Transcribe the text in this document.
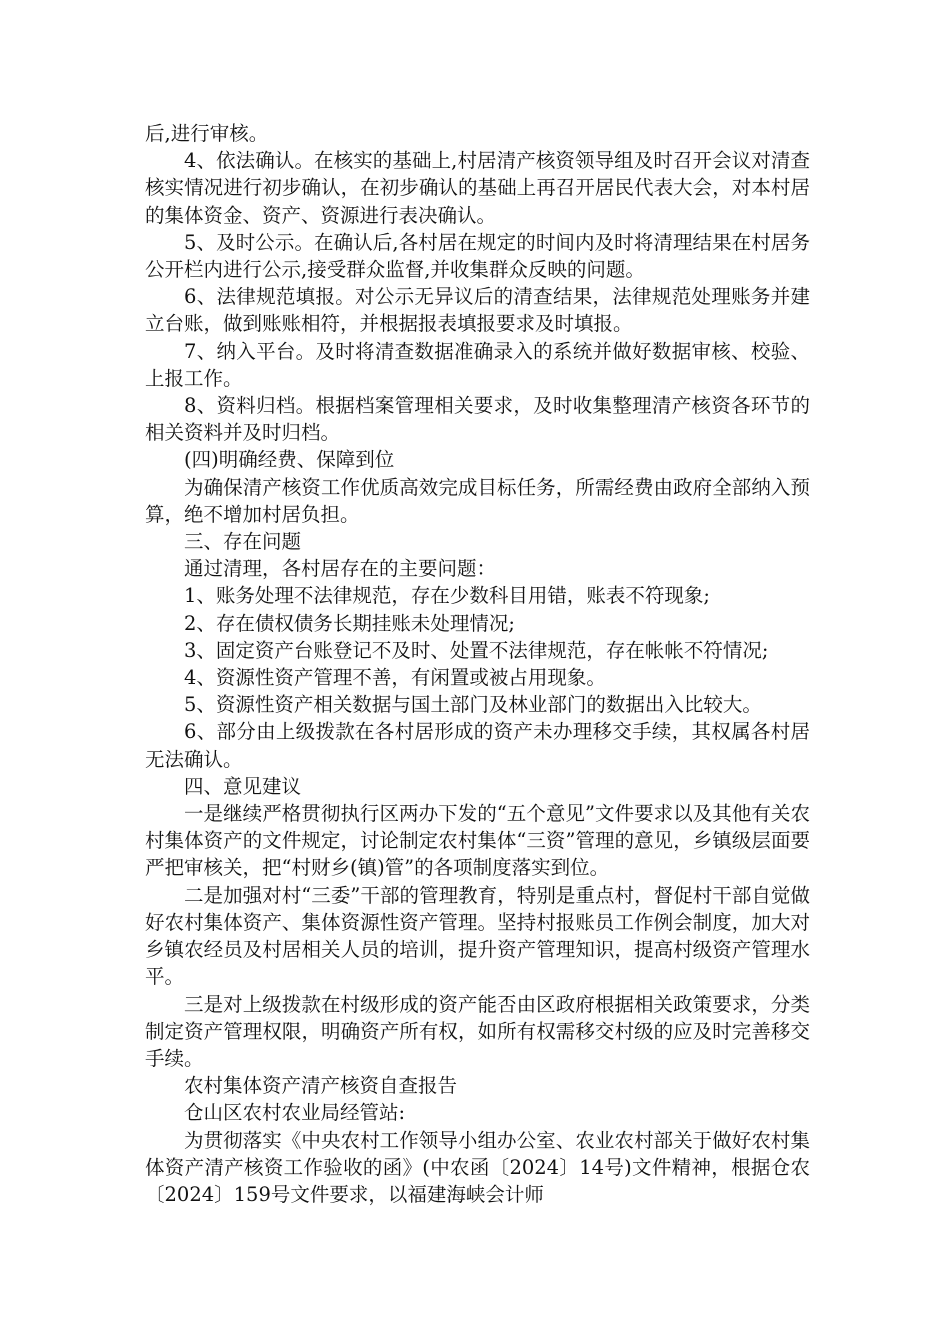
后,进行审核。

4、依法确认。在核实的基础上,村居清产核资领导组及时召开会议对清查核实情况进行初步确认，在初步确认的基础上再召开居民代表大会，对本村居的集体资金、资产、资源进行表决确认。

5、及时公示。在确认后,各村居在规定的时间内及时将清理结果在村居务公开栏内进行公示,接受群众监督,并收集群众反映的问题。

6、法律规范填报。对公示无异议后的清查结果，法律规范处理账务并建立台账，做到账账相符，并根据报表填报要求及时填报。

7、纳入平台。及时将清查数据准确录入的系统并做好数据审核、校验、上报工作。

8、资料归档。根据档案管理相关要求，及时收集整理清产核资各环节的相关资料并及时归档。

(四)明确经费、保障到位

为确保清产核资工作优质高效完成目标任务，所需经费由政府全部纳入预算，绝不增加村居负担。

三、存在问题

通过清理，各村居存在的主要问题：

1、账务处理不法律规范，存在少数科目用错，账表不符现象;

2、存在债权债务长期挂账未处理情况;

3、固定资产台账登记不及时、处置不法律规范，存在帐帐不符情况;

4、资源性资产管理不善，有闲置或被占用现象。

5、资源性资产相关数据与国土部门及林业部门的数据出入比较大。

6、部分由上级拨款在各村居形成的资产未办理移交手续，其权属各村居无法确认。

四、意见建议

一是继续严格贯彻执行区两办下发的“五个意见”文件要求以及其他有关农村集体资产的文件规定，讨论制定农村集体“三资”管理的意见，乡镇级层面要严把审核关，把“村财乡(镇)管”的各项制度落实到位。

二是加强对村“三委”干部的管理教育，特别是重点村，督促村干部自觉做好农村集体资产、集体资源性资产管理。坚持村报账员工作例会制度，加大对乡镇农经员及村居相关人员的培训，提升资产管理知识，提高村级资产管理水平。

三是对上级拨款在村级形成的资产能否由区政府根据相关政策要求，分类制定资产管理权限，明确资产所有权，如所有权需移交村级的应及时完善移交手续。

农村集体资产清产核资自查报告

仓山区农村农业局经管站:

为贯彻落实《中央农村工作领导小组办公室、农业农村部关于做好农村集体资产清产核资工作验收的函》(中农函〔2024〕14号)文件精神，根据仓农〔2024〕159号文件要求，以福建海峡会计师
